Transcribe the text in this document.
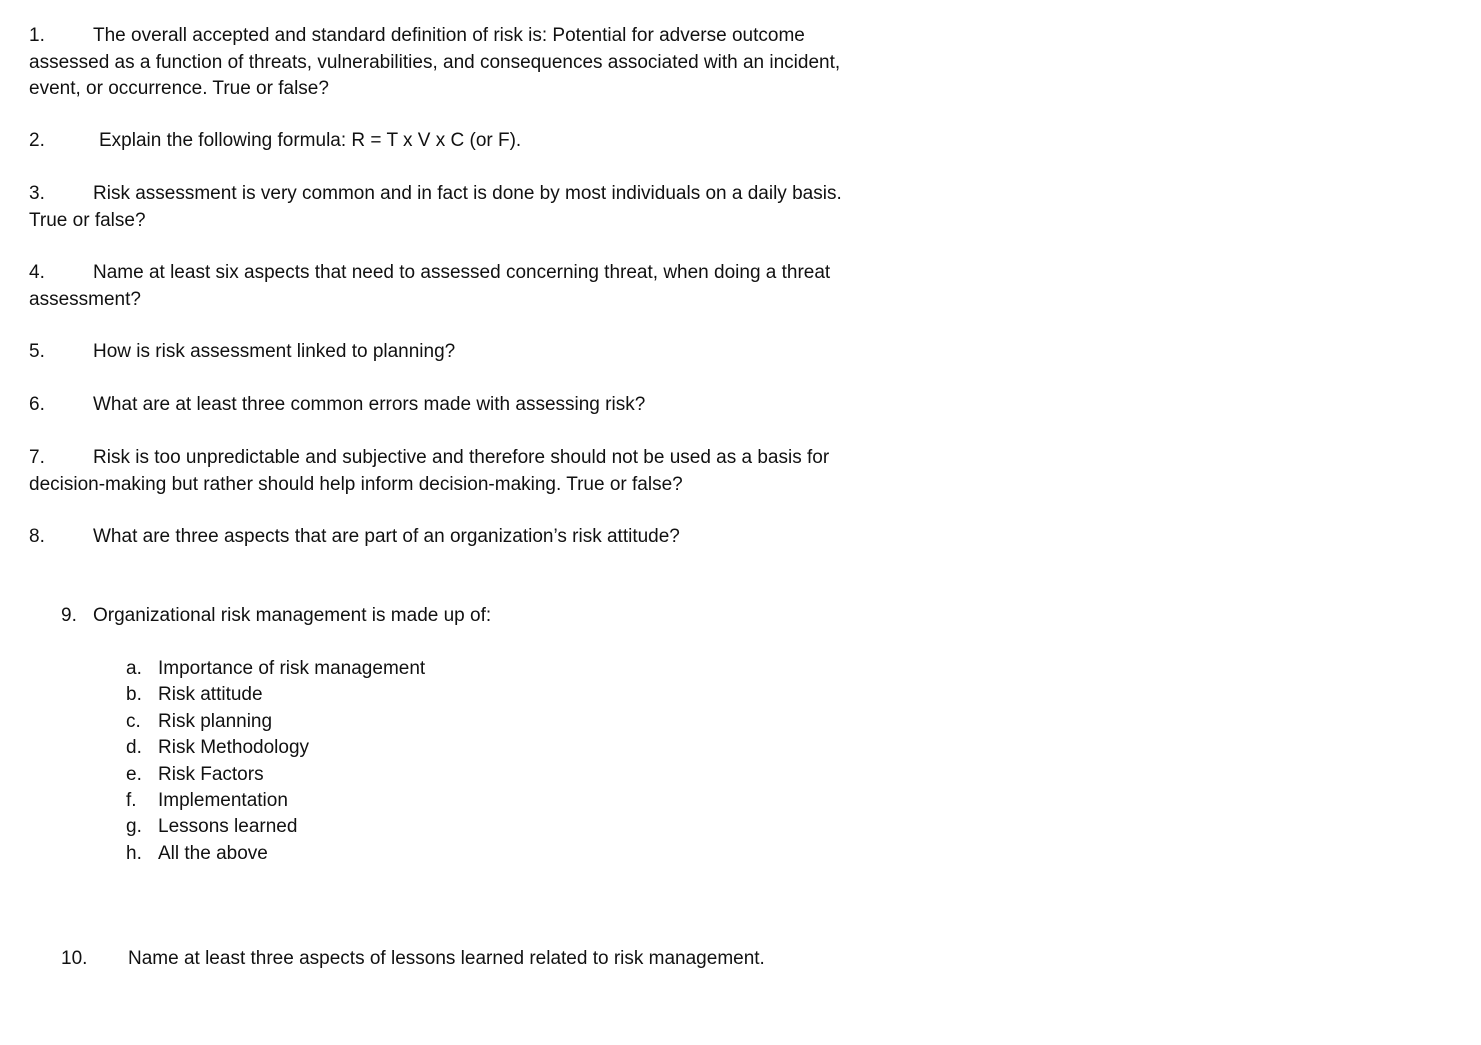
1.	The overall accepted and standard definition of risk is: Potential for adverse outcome assessed as a function of threats, vulnerabilities, and consequences associated with an incident, event, or occurrence. True or false?
2.	Explain the following formula: R = T x V x C (or F).
3.	Risk assessment is very common and in fact is done by most individuals on a daily basis. True or false?
4.	Name at least six aspects that need to assessed concerning threat, when doing a threat assessment?
5.	How is risk assessment linked to planning?
6.	What are at least three common errors made with assessing risk?
7.	Risk is too unpredictable and subjective and therefore should not be used as a basis for decision-making but rather should help inform decision-making. True or false?
8.	What are three aspects that are part of an organization’s risk attitude?
9. Organizational risk management is made up of:
a. Importance of risk management
b. Risk attitude
c. Risk planning
d. Risk Methodology
e. Risk Factors
f. Implementation
g. Lessons learned
h. All the above
10. Name at least three aspects of lessons learned related to risk management.
